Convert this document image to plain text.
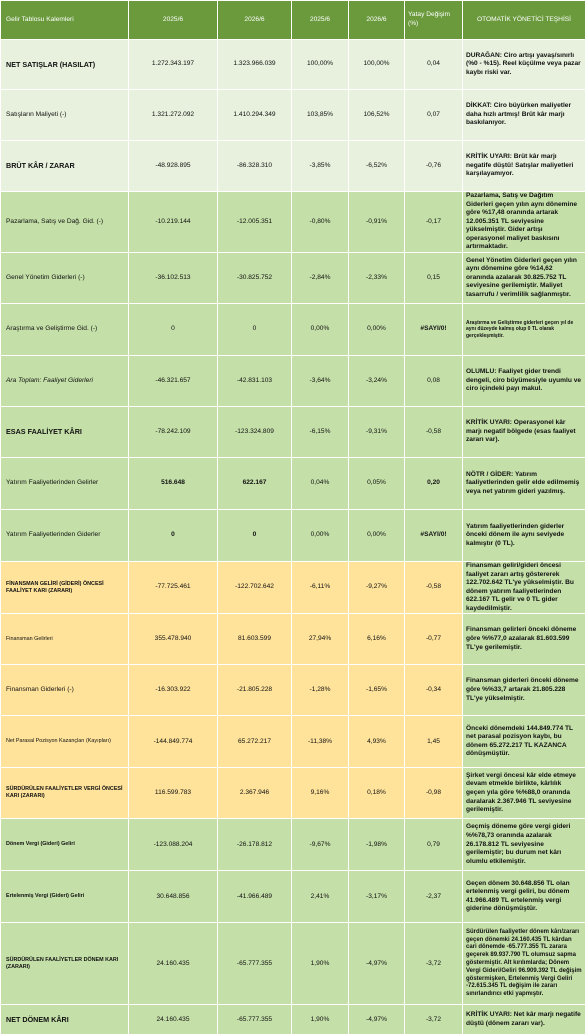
Gelir Tablosu Kalemleri	2025/6	2026/6	2025/6	2026/6	Yatay Değişim (%)	OTOMATİK YÖNETİCİ TEŞHİSİ
NET SATIŞLAR (HASILAT)	1.272.343.197	1.323.966.039	100,00%	100,00%	0,04	DURAĞAN: Ciro artışı yavaş/sınırlı (%0 - %15). Reel küçülme veya pazar kaybı riski var.
Satışların Maliyeti (-)	1.321.272.092	1.410.294.349	103,85%	106,52%	0,07	DİKKAT: Ciro büyürken maliyetler daha hızlı artmış! Brüt kâr marjı baskılanıyor.
BRÜT KÂR / ZARAR	-48.928.895	-86.328.310	-3,85%	-6,52%	-0,76	KRİTİK UYARI: Brüt kâr marjı negatife düştü! Satışlar maliyetleri karşılayamıyor.
Pazarlama, Satış ve Dağ. Gid. (-)	-10.219.144	-12.005.351	-0,80%	-0,91%	-0,17	Pazarlama, Satış ve Dağıtım Giderleri geçen yılın aynı dönemine göre %17,48 oranında artarak 12.005.351 TL seviyesine yükselmiştir. Gider artışı operasyonel maliyet baskısını artırmaktadır.
Genel Yönetim Giderleri (-)	-36.102.513	-30.825.752	-2,84%	-2,33%	0,15	Genel Yönetim Giderleri geçen yılın aynı dönemine göre %14,62 oranında azalarak 30.825.752 TL seviyesine gerilemiştir. Maliyet tasarrufu / verimlilik sağlanmıştır.
Araştırma ve Geliştirme Gid. (-)	0	0	0,00%	0,00%	#SAYI/0!	Araştırma ve Geliştirme giderleri geçen yıl de aynı düzeyde kalmış olup 0 TL olarak gerçekleşmiştir.
Ara Toplam: Faaliyet Giderleri	-46.321.657	-42.831.103	-3,64%	-3,24%	0,08	OLUMLU: Faaliyet gider trendi dengeli, ciro büyümesiyle uyumlu ve ciro içindeki payı makul.
ESAS FAALİYET KÂRI	-78.242.109	-123.324.809	-6,15%	-9,31%	-0,58	KRİTİK UYARI: Operasyonel kâr marjı negatif bölgede (esas faaliyet zararı var).
Yatırım Faaliyetlerinden Gelirler	516.648	622.167	0,04%	0,05%	0,20	NÖTR / GİDER: Yatırım faaliyetlerinden gelir elde edilmemiş veya net yatırım gideri yazılmış.
Yatırım Faaliyetlerinden Giderler	0	0	0,00%	0,00%	#SAYI/0!	Yatırım faaliyetlerinden giderler önceki dönem ile aynı seviyede kalmıştır (0 TL).
FİNANSMAN GELİRİ (GİDERİ) ÖNCESİ FAALİYET KARI (ZARARI)	-77.725.461	-122.702.642	-6,11%	-9,27%	-0,58	Finansman geliri/gideri öncesi faaliyet zararı artış göstererek 122.702.642 TL'ye yükselmiştir. Bu dönem yatırım faaliyetlerinden 622.167 TL gelir ve 0 TL gider kaydedilmiştir.
Finansman Gelirleri	355.478.940	81.603.599	27,94%	6,16%	-0,77	Finansman gelirleri önceki döneme göre %%77,0 azalarak 81.603.599 TL'ye gerilemiştir.
Finansman Giderleri (-)	-16.303.922	-21.805.228	-1,28%	-1,65%	-0,34	Finansman giderleri önceki döneme göre %%33,7 artarak 21.805.228 TL'ye yükselmiştir.
Net Parasal Pozisyon Kazançları (Kayıpları)	-144.849.774	65.272.217	-11,38%	4,93%	1,45	Önceki dönemdeki 144.849.774 TL net parasal pozisyon kaybı, bu dönem 65.272.217 TL KAZANCA dönüşmüştür.
SÜRDÜRÜLEN FAALİYETLER VERGİ ÖNCESİ KARI (ZARARI)	116.599.783	2.367.946	9,16%	0,18%	-0,98	Şirket vergi öncesi kâr elde etmeye devam etmekle birlikte, kârlılık geçen yıla göre %%88,0 oranında daralarak 2.367.946 TL seviyesine gerilemiştir.
Dönem Vergi (Gideri) Geliri	-123.088.204	-26.178.812	-9,67%	-1,98%	0,79	Geçmiş döneme göre vergi gideri %%78,73 oranında azalarak 26.178.812 TL seviyesine gerilemiştir; bu durum net kârı olumlu etkilemiştir.
Ertelenmiş Vergi (Gideri) Geliri	30.648.856	-41.966.489	2,41%	-3,17%	-2,37	Geçen dönem 30.648.856 TL olan ertelenmiş vergi geliri, bu dönem 41.966.489 TL ertelenmiş vergi giderine dönüşmüştür.
SÜRDÜRÜLEN FAALİYETLER DÖNEM KARI (ZARARI)	24.160.435	-65.777.355	1,90%	-4,97%	-3,72	Sürdürülen faaliyetler dönem kârı/zararı geçen dönemki 24.160.435 TL kârdan cari dönemde -65.777.355 TL zarara geçerek 89.937.790 TL olumsuz sapma göstermiştir. Alt kırılımlarda; Dönem Vergi Gideri/Geliri 96.909.392 TL değişim göstermişken, Ertelenmiş Vergi Geliri -72.615.345 TL değişim ile zararı sınırlandırıcı etki yapmıştır.
NET DÖNEM KÂRI	24.160.435	-65.777.355	1,90%	-4,97%	-3,72	KRİTİK UYARI: Net kâr marjı negatife düştü (dönem zararı var).
